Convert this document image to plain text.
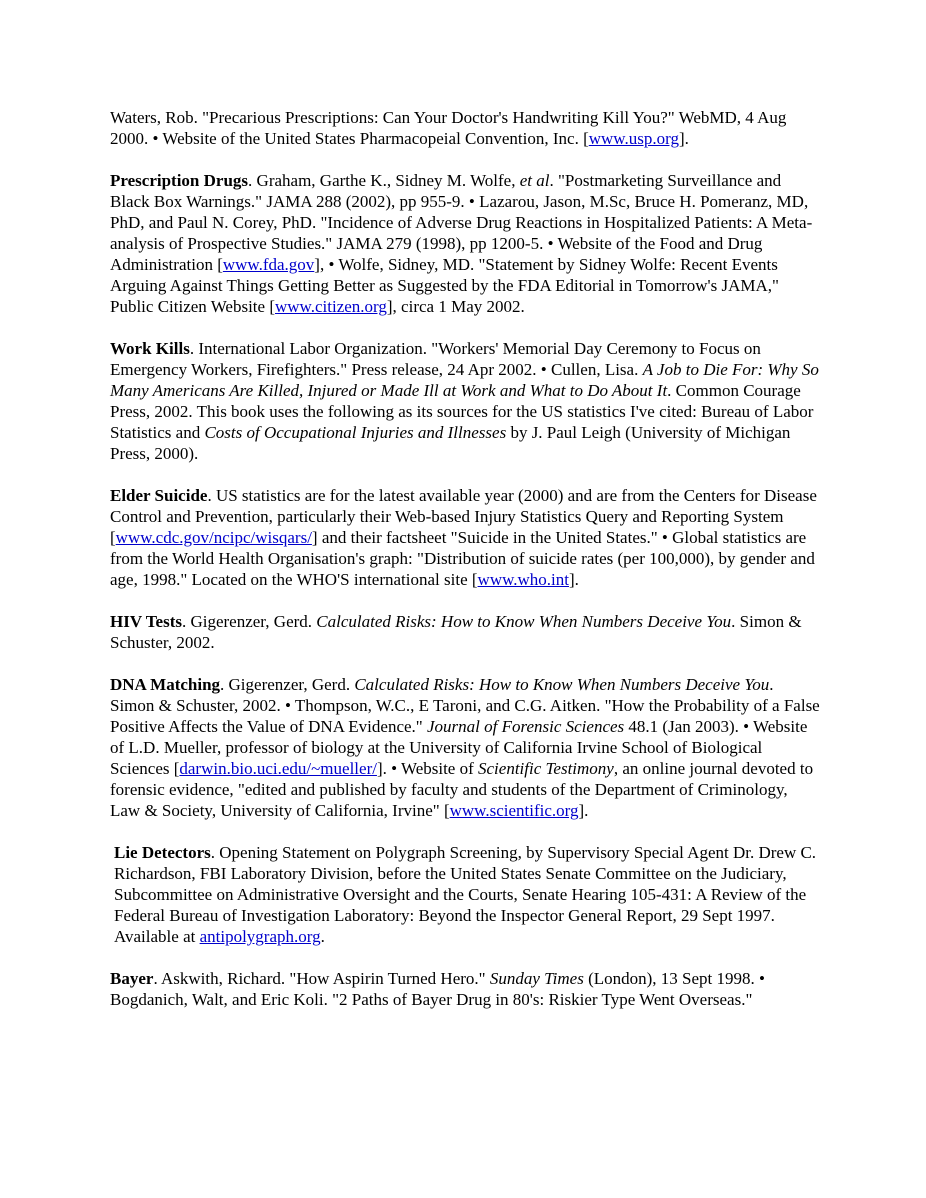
Waters, Rob. "Precarious Prescriptions: Can Your Doctor's Handwriting Kill You?" WebMD, 4 Aug 2000. • Website of the United States Pharmacopeial Convention, Inc. [www.usp.org].

Prescription Drugs. Graham, Garthe K., Sidney M. Wolfe, et al. "Postmarketing Surveillance and Black Box Warnings." JAMA 288 (2002), pp 955-9. • Lazarou, Jason, M.Sc, Bruce H. Pomeranz, MD, PhD, and Paul N. Corey, PhD. "Incidence of Adverse Drug Reactions in Hospitalized Patients: A Meta-analysis of Prospective Studies." JAMA 279 (1998), pp 1200-5. • Website of the Food and Drug Administration [www.fda.gov], • Wolfe, Sidney, MD. "Statement by Sidney Wolfe: Recent Events Arguing Against Things Getting Better as Suggested by the FDA Editorial in Tomorrow's JAMA," Public Citizen Website [www.citizen.org], circa 1 May 2002.

Work Kills. International Labor Organization. "Workers' Memorial Day Ceremony to Focus on Emergency Workers, Firefighters." Press release, 24 Apr 2002. • Cullen, Lisa. A Job to Die For: Why So Many Americans Are Killed, Injured or Made Ill at Work and What to Do About It. Common Courage Press, 2002. This book uses the following as its sources for the US statistics I've cited: Bureau of Labor Statistics and Costs of Occupational Injuries and Illnesses by J. Paul Leigh (University of Michigan Press, 2000).

Elder Suicide. US statistics are for the latest available year (2000) and are from the Centers for Disease Control and Prevention, particularly their Web-based Injury Statistics Query and Reporting System [www.cdc.gov/ncipc/wisqars/] and their factsheet "Suicide in the United States." • Global statistics are from the World Health Organisation's graph: "Distribution of suicide rates (per 100,000), by gender and age, 1998." Located on the WHO'S international site [www.who.int].

HIV Tests. Gigerenzer, Gerd. Calculated Risks: How to Know When Numbers Deceive You. Simon & Schuster, 2002.

DNA Matching. Gigerenzer, Gerd. Calculated Risks: How to Know When Numbers Deceive You. Simon & Schuster, 2002. • Thompson, W.C., E Taroni, and C.G. Aitken. "How the Probability of a False Positive Affects the Value of DNA Evidence." Journal of Forensic Sciences 48.1 (Jan 2003). • Website of L.D. Mueller, professor of biology at the University of California Irvine School of Biological Sciences [darwin.bio.uci.edu/~mueller/]. • Website of Scientific Testimony, an online journal devoted to forensic evidence, "edited and published by faculty and students of the Department of Criminology, Law & Society, University of California, Irvine" [www.scientific.org].

Lie Detectors. Opening Statement on Polygraph Screening, by Supervisory Special Agent Dr. Drew C. Richardson, FBI Laboratory Division, before the United States Senate Committee on the Judiciary, Subcommittee on Administrative Oversight and the Courts, Senate Hearing 105-431: A Review of the Federal Bureau of Investigation Laboratory: Beyond the Inspector General Report, 29 Sept 1997. Available at antipolygraph.org.

Bayer. Askwith, Richard. "How Aspirin Turned Hero." Sunday Times (London), 13 Sept 1998. • Bogdanich, Walt, and Eric Koli. "2 Paths of Bayer Drug in 80's: Riskier Type Went Overseas."
